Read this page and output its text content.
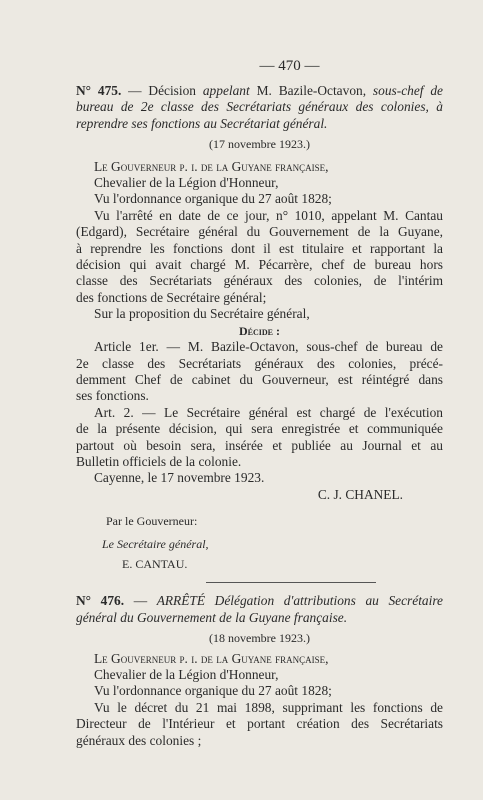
— 470 —
N° 475. — Décision appelant M. Bazile-Octavon, sous-chef de
bureau de 2e classe des Secrétariats généraux des colonies, à
reprendre ses fonctions au Secrétariat général.
(17 novembre 1923.)
Le Gouverneur p. i. de la Guyane française,
Chevalier de la Légion d'Honneur,
Vu l'ordonnance organique du 27 août 1828;
Vu l'arrêté en date de ce jour, n° 1010, appelant M. Cantau
(Edgard), Secrétaire général du Gouvernement de la Guyane,
à reprendre les fonctions dont il est titulaire et rapportant la
décision qui avait chargé M. Pécarrère, chef de bureau hors
classe des Secrétariats généraux des colonies, de l'intérim
des fonctions de Secrétaire général;
Sur la proposition du Secrétaire général,
Décide :
Article 1er. — M. Bazile-Octavon, sous-chef de bureau de
2e classe des Secrétariats généraux des colonies, précé-
demment Chef de cabinet du Gouverneur, est réintégré dans
ses fonctions.
Art. 2. — Le Secrétaire général est chargé de l'exécution
de la présente décision, qui sera enregistrée et communiquée
partout où besoin sera, insérée et publiée au Journal et au
Bulletin officiels de la colonie.
Cayenne, le 17 novembre 1923.
C. J. CHANEL.
Par le Gouverneur:
Le Secrétaire général,
E. CANTAU.
N° 476. — ARRÊTÉ Délégation d'attributions au Secrétaire
général du Gouvernement de la Guyane française.
(18 novembre 1923.)
Le Gouverneur p. i. de la Guyane française,
Chevalier de la Légion d'Honneur,
Vu l'ordonnance organique du 27 août 1828;
Vu le décret du 21 mai 1898, supprimant les fonctions de
Directeur de l'Intérieur et portant création des Secrétariats
généraux des colonies ;
